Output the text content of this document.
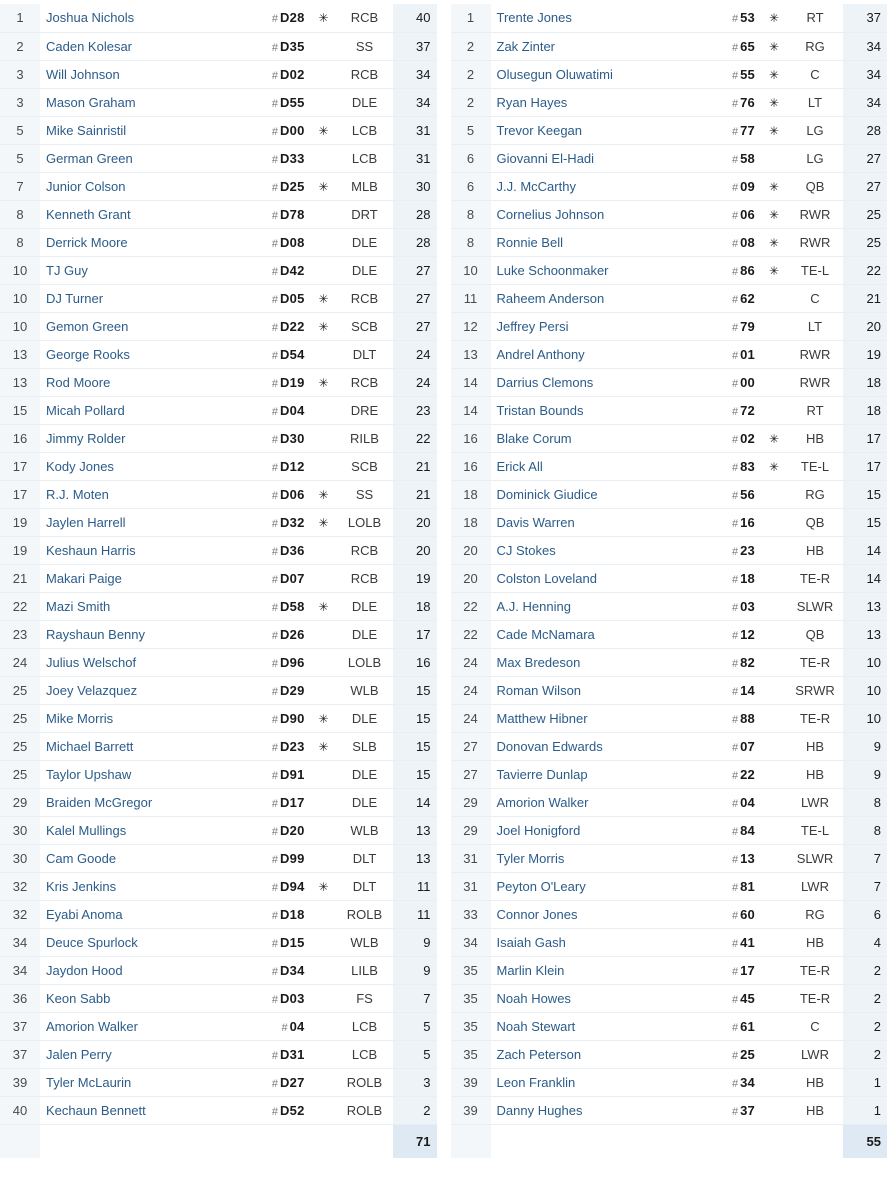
1	Joshua Nichols	# D28	✳	RCB	40
2	Caden Kolesar	# D35		SS	37
3	Will Johnson	# D02		RCB	34
3	Mason Graham	# D55		DLE	34
5	Mike Sainristil	# D00	✳	LCB	31
5	German Green	# D33		LCB	31
7	Junior Colson	# D25	✳	MLB	30
8	Kenneth Grant	# D78		DRT	28
8	Derrick Moore	# D08		DLE	28
10	TJ Guy	# D42		DLE	27
10	DJ Turner	# D05	✳	RCB	27
10	Gemon Green	# D22	✳	SCB	27
13	George Rooks	# D54		DLT	24
13	Rod Moore	# D19	✳	RCB	24
15	Micah Pollard	# D04		DRE	23
16	Jimmy Rolder	# D30		RILB	22
17	Kody Jones	# D12		SCB	21
17	R.J. Moten	# D06	✳	SS	21
19	Jaylen Harrell	# D32	✳	LOLB	20
19	Keshaun Harris	# D36		RCB	20
21	Makari Paige	# D07		RCB	19
22	Mazi Smith	# D58	✳	DLE	18
23	Rayshaun Benny	# D26		DLE	17
24	Julius Welschof	# D96		LOLB	16
25	Joey Velazquez	# D29		WLB	15
25	Mike Morris	# D90	✳	DLE	15
25	Michael Barrett	# D23	✳	SLB	15
25	Taylor Upshaw	# D91		DLE	15
29	Braiden McGregor	# D17		DLE	14
30	Kalel Mullings	# D20		WLB	13
30	Cam Goode	# D99		DLT	13
32	Kris Jenkins	# D94	✳	DLT	11
32	Eyabi Anoma	# D18		ROLB	11
34	Deuce Spurlock	# D15		WLB	9
34	Jaydon Hood	# D34		LILB	9
36	Keon Sabb	# D03		FS	7
37	Amorion Walker	# 04		LCB	5
37	Jalen Perry	# D31		LCB	5
39	Tyler McLaurin	# D27		ROLB	3
40	Kechaun Bennett	# D52		ROLB	2
					71
1	Trente Jones	# 53	✳	RT	37
2	Zak Zinter	# 65	✳	RG	34
2	Olusegun Oluwatimi	# 55	✳	C	34
2	Ryan Hayes	# 76	✳	LT	34
5	Trevor Keegan	# 77	✳	LG	28
6	Giovanni El-Hadi	# 58		LG	27
6	J.J. McCarthy	# 09	✳	QB	27
8	Cornelius Johnson	# 06	✳	RWR	25
8	Ronnie Bell	# 08	✳	RWR	25
10	Luke Schoonmaker	# 86	✳	TE-L	22
11	Raheem Anderson	# 62		C	21
12	Jeffrey Persi	# 79		LT	20
13	Andrel Anthony	# 01		RWR	19
14	Darrius Clemons	# 00		RWR	18
14	Tristan Bounds	# 72		RT	18
16	Blake Corum	# 02	✳	HB	17
16	Erick All	# 83	✳	TE-L	17
18	Dominick Giudice	# 56		RG	15
18	Davis Warren	# 16		QB	15
20	CJ Stokes	# 23		HB	14
20	Colston Loveland	# 18		TE-R	14
22	A.J. Henning	# 03		SLWR	13
22	Cade McNamara	# 12		QB	13
24	Max Bredeson	# 82		TE-R	10
24	Roman Wilson	# 14		SRWR	10
24	Matthew Hibner	# 88		TE-R	10
27	Donovan Edwards	# 07		HB	9
27	Tavierre Dunlap	# 22		HB	9
29	Amorion Walker	# 04		LWR	8
29	Joel Honigford	# 84		TE-L	8
31	Tyler Morris	# 13		SLWR	7
31	Peyton O'Leary	# 81		LWR	7
33	Connor Jones	# 60		RG	6
34	Isaiah Gash	# 41		HB	4
35	Marlin Klein	# 17		TE-R	2
35	Noah Howes	# 45		TE-R	2
35	Noah Stewart	# 61		C	2
35	Zach Peterson	# 25		LWR	2
39	Leon Franklin	# 34		HB	1
39	Danny Hughes	# 37		HB	1
					55
